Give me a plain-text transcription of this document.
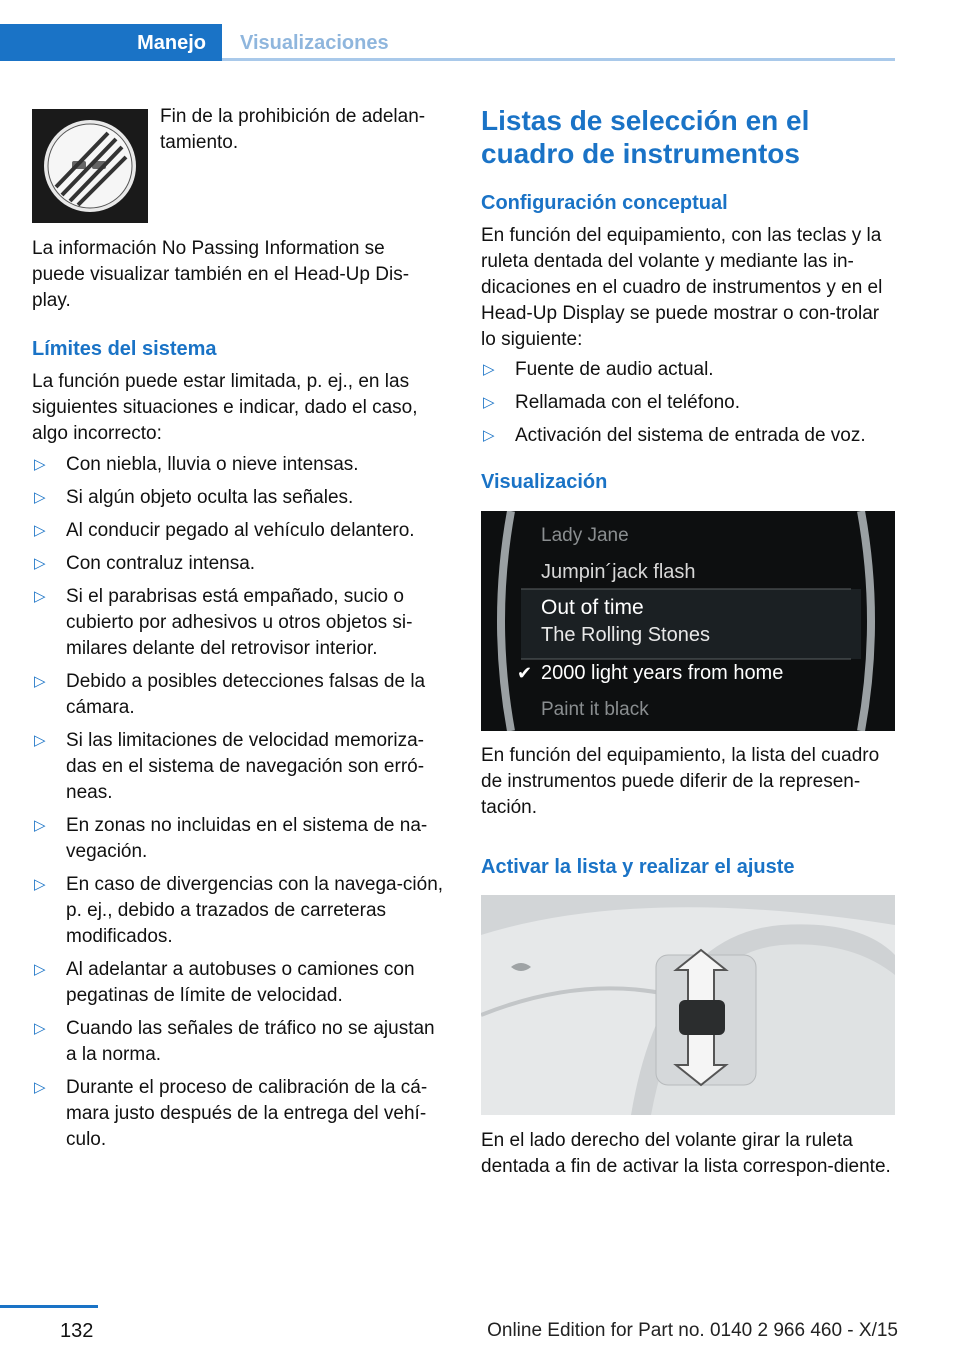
Manejo Visualizaciones

Fin de la prohibición de adelan-tamiento.

La información No Passing Information se puede visualizar también en el Head-Up Dis-play.

Límites del sistema

La función puede estar limitada, p. ej., en las siguientes situaciones e indicar, dado el caso, algo incorrecto:

▷ Con niebla, lluvia o nieve intensas.
▷ Si algún objeto oculta las señales.
▷ Al conducir pegado al vehículo delantero.
▷ Con contraluz intensa.
▷ Si el parabrisas está empañado, sucio o cubierto por adhesivos u otros objetos si-milares delante del retrovisor interior.
▷ Debido a posibles detecciones falsas de la cámara.
▷ Si las limitaciones de velocidad memoriza-das en el sistema de navegación son erró-neas.
▷ En zonas no incluidas en el sistema de na-vegación.
▷ En caso de divergencias con la navega-ción, p. ej., debido a trazados de carreteras modificados.
▷ Al adelantar a autobuses o camiones con pegatinas de límite de velocidad.
▷ Cuando las señales de tráfico no se ajustan a la norma.
▷ Durante el proceso de calibración de la cá-mara justo después de la entrega del vehí-culo.
Listas de selección en el cuadro de instrumentos
Configuración conceptual

En función del equipamiento, con las teclas y la ruleta dentada del volante y mediante las in-dicaciones en el cuadro de instrumentos y en el Head-Up Display se puede mostrar o con-trolar lo siguiente:

▷ Fuente de audio actual.
▷ Rellamada con el teléfono.
▷ Activación del sistema de entrada de voz.
Visualización
Lady Jane
Jumpin´jack flash
Out of time
The Rolling Stones
✔ 2000 light years from home
Paint it black

En función del equipamiento, la lista del cuadro de instrumentos puede diferir de la represen-tación.

Activar la lista y realizar el ajuste

En el lado derecho del volante girar la ruleta dentada a fin de activar la lista correspon-diente.

132	Online Edition for Part no. 0140 2 966 460 - X/15
